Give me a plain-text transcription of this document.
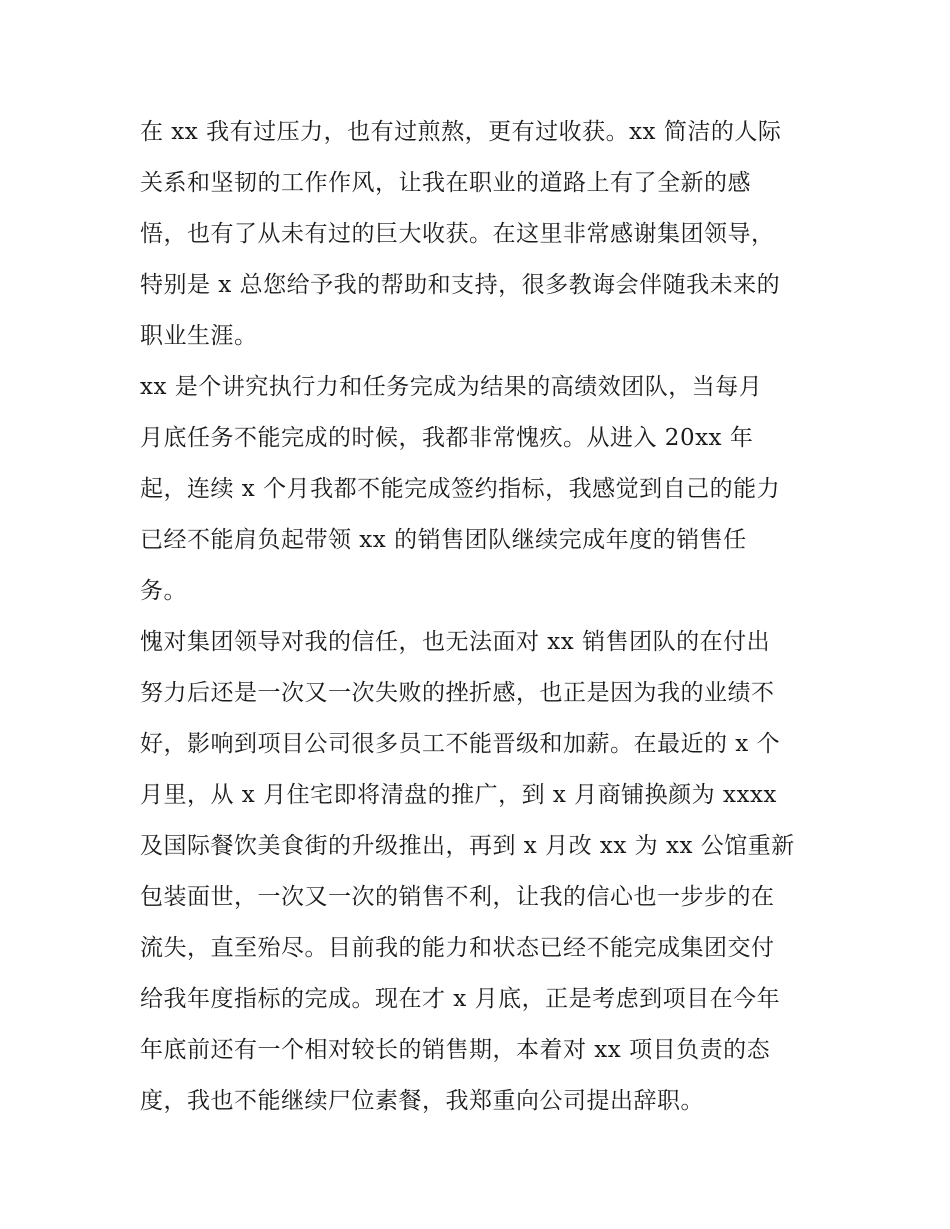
在 xx 我有过压力，也有过煎熬，更有过收获。xx 简洁的人际
关系和坚韧的工作作风，让我在职业的道路上有了全新的感
悟，也有了从未有过的巨大收获。在这里非常感谢集团领导，
特别是 x 总您给予我的帮助和支持，很多教诲会伴随我未来的
职业生涯。
xx 是个讲究执行力和任务完成为结果的高绩效团队，当每月
月底任务不能完成的时候，我都非常愧疚。从进入 20xx 年
起，连续 x 个月我都不能完成签约指标，我感觉到自己的能力
已经不能肩负起带领 xx 的销售团队继续完成年度的销售任
务。
愧对集团领导对我的信任，也无法面对 xx 销售团队的在付出
努力后还是一次又一次失败的挫折感，也正是因为我的业绩不
好，影响到项目公司很多员工不能晋级和加薪。在最近的 x 个
月里，从 x 月住宅即将清盘的推广，到 x 月商铺换颜为 xxxx
及国际餐饮美食街的升级推出，再到 x 月改 xx 为 xx 公馆重新
包装面世，一次又一次的销售不利，让我的信心也一步步的在
流失，直至殆尽。目前我的能力和状态已经不能完成集团交付
给我年度指标的完成。现在才 x 月底，正是考虑到项目在今年
年底前还有一个相对较长的销售期，本着对 xx 项目负责的态
度，我也不能继续尸位素餐，我郑重向公司提出辞职。
